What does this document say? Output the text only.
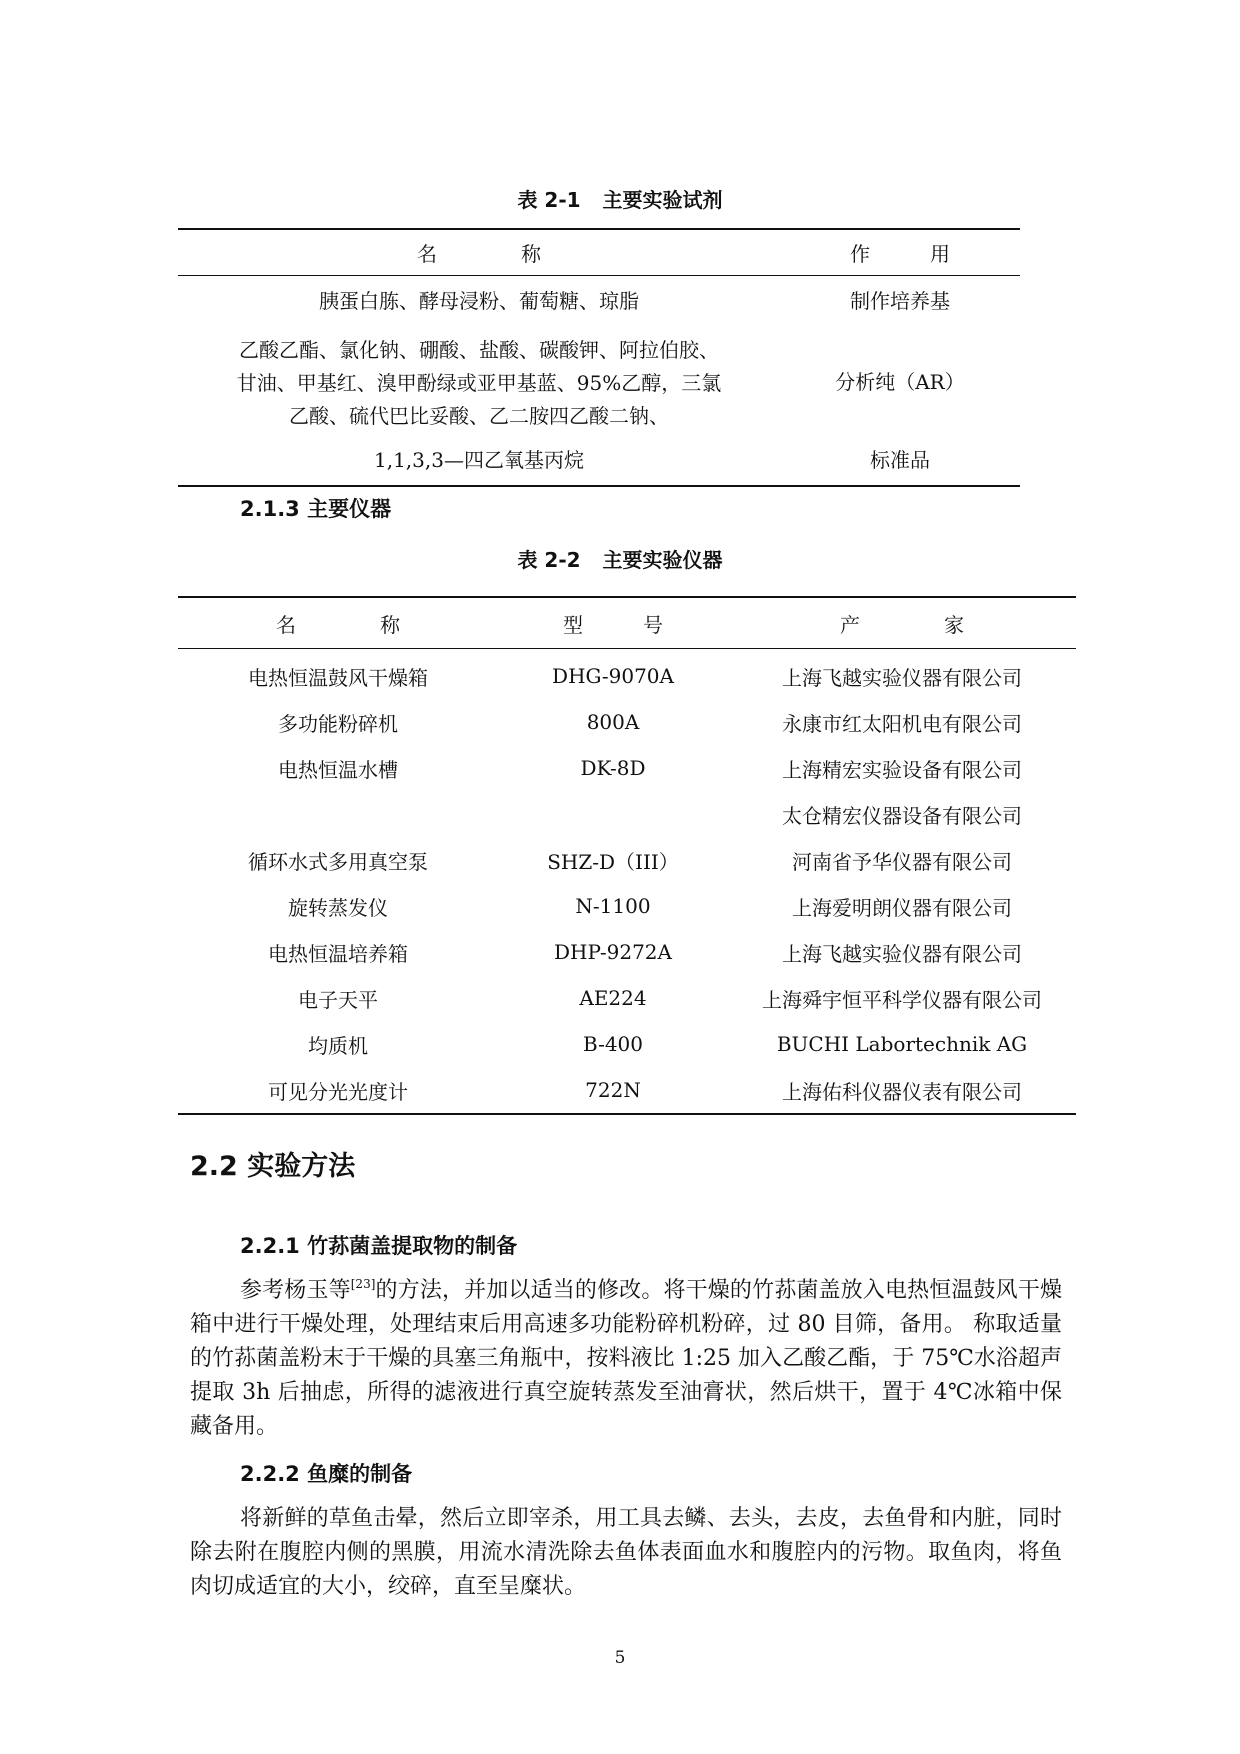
表 2-1 主要实验试剂
名 称	作 用
胰蛋白胨、酵母浸粉、葡萄糖、琼脂	制作培养基

乙酸乙酯、氯化钠、硼酸、盐酸、碳酸钾、阿拉伯胶、
甘油、甲基红、溴甲酚绿或亚甲基蓝、95%乙醇，三氯
乙酸、硫代巴比妥酸、乙二胺四乙酸二钠、	分析纯（AR）
1,1,3,3—四乙氧基丙烷	标准品
2.1.3 主要仪器
表 2-2 主要实验仪器
名 称	型 号	产 家
电热恒温鼓风干燥箱	DHG-9070A	上海飞越实验仪器有限公司
多功能粉碎机	800A	永康市红太阳机电有限公司
电热恒温水槽	DK-8D	上海精宏实验设备有限公司
		太仓精宏仪器设备有限公司
循环水式多用真空泵	SHZ-D（III）	河南省予华仪器有限公司
旋转蒸发仪	N-1100	上海爱明朗仪器有限公司
电热恒温培养箱	DHP-9272A	上海飞越实验仪器有限公司
电子天平	AE224	上海舜宇恒平科学仪器有限公司
均质机	B-400	BUCHI Labortechnik AG
可见分光光度计	722N	上海佑科仪器仪表有限公司
2.2 实验方法
2.2.1 竹荪菌盖提取物的制备

参考杨玉等[23]的方法，并加以适当的修改。将干燥的竹荪菌盖放入电热恒温鼓风干燥箱中进行干燥处理，处理结束后用高速多功能粉碎机粉碎，过 80 目筛，备用。 称取适量的竹荪菌盖粉末于干燥的具塞三角瓶中，按料液比 1:25 加入乙酸乙酯，于 75℃水浴超声提取 3h 后抽虑，所得的滤液进行真空旋转蒸发至油膏状，然后烘干，置于 4℃冰箱中保藏备用。

2.2.2 鱼糜的制备

将新鲜的草鱼击晕，然后立即宰杀，用工具去鳞、去头，去皮，去鱼骨和内脏，同时除去附在腹腔内侧的黑膜，用流水清洗除去鱼体表面血水和腹腔内的污物。取鱼肉，将鱼肉切成适宜的大小，绞碎，直至呈糜状。

5
